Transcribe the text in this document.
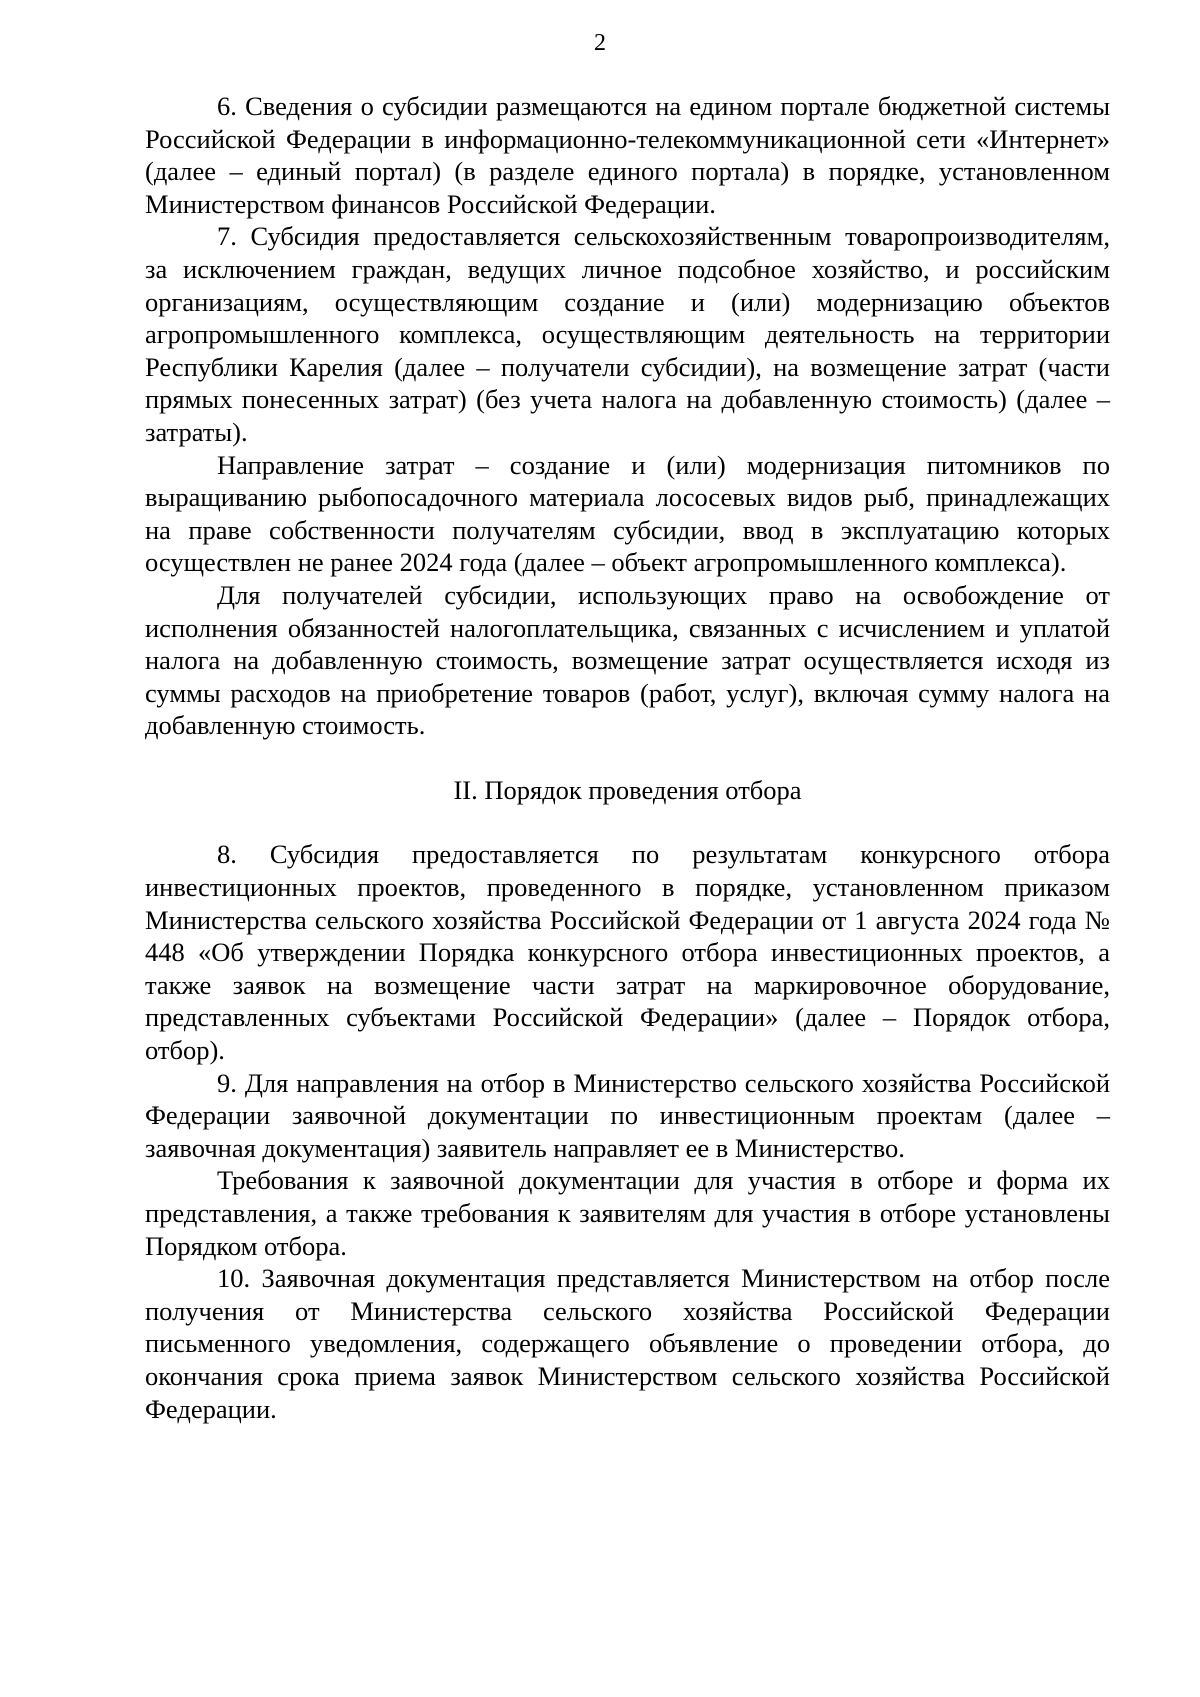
2

6. Сведения о субсидии размещаются на едином портале бюджетной системы Российской Федерации в информационно-телекоммуникационной сети «Интернет» (далее – единый портал) (в разделе единого портала) в порядке, установленном Министерством финансов Российской Федерации.

7. Субсидия предоставляется сельскохозяйственным товаропроизводителям, за исключением граждан, ведущих личное подсобное хозяйство, и российским организациям, осуществляющим создание и (или) модернизацию объектов агропромышленного комплекса, осуществляющим деятельность на территории Республики Карелия (далее – получатели субсидии), на возмещение затрат (части прямых понесенных затрат) (без учета налога на добавленную стоимость) (далее – затраты).

Направление затрат – создание и (или) модернизация питомников по выращиванию рыбопосадочного материала лососевых видов рыб, принадлежащих на праве собственности получателям субсидии, ввод в эксплуатацию которых осуществлен не ранее 2024 года (далее – объект агропромышленного комплекса).

Для получателей субсидии, использующих право на освобождение от исполнения обязанностей налогоплательщика, связанных с исчислением и уплатой налога на добавленную стоимость, возмещение затрат осуществляется исходя из суммы расходов на приобретение товаров (работ, услуг), включая сумму налога на добавленную стоимость.

II. Порядок проведения отбора

8. Субсидия предоставляется по результатам конкурсного отбора инвестиционных проектов, проведенного в порядке, установленном приказом Министерства сельского хозяйства Российской Федерации от 1 августа 2024 года № 448 «Об утверждении Порядка конкурсного отбора инвестиционных проектов, а также заявок на возмещение части затрат на маркировочное оборудование, представленных субъектами Российской Федерации» (далее – Порядок отбора, отбор).

9. Для направления на отбор в Министерство сельского хозяйства Российской Федерации заявочной документации по инвестиционным проектам (далее – заявочная документация) заявитель направляет ее в Министерство.

Требования к заявочной документации для участия в отборе и форма их представления, а также требования к заявителям для участия в отборе установлены Порядком отбора.

10. Заявочная документация представляется Министерством на отбор после получения от Министерства сельского хозяйства Российской Федерации письменного уведомления, содержащего объявление о проведении отбора, до окончания срока приема заявок Министерством сельского хозяйства Российской Федерации.
